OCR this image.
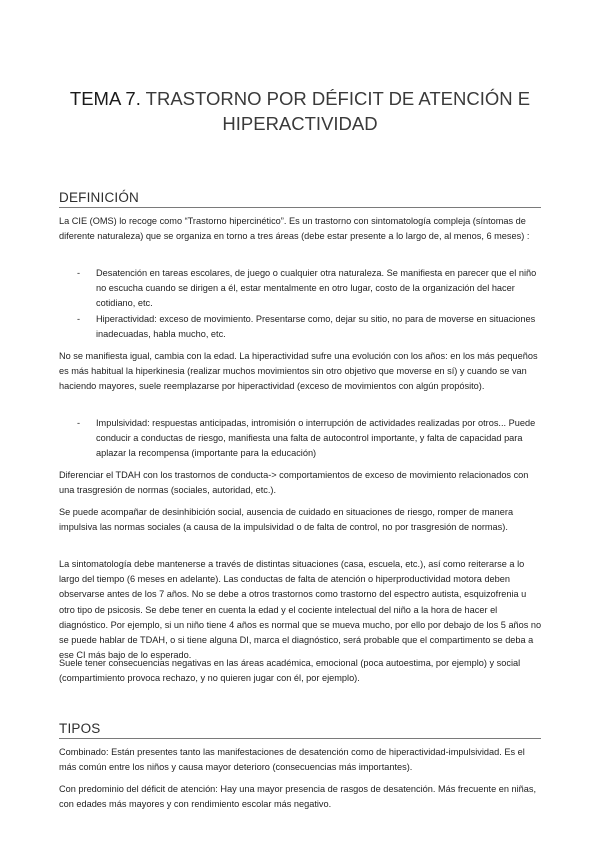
TEMA 7. TRASTORNO POR DÉFICIT DE ATENCIÓN E HIPERACTIVIDAD
DEFINICIÓN

La CIE (OMS) lo recoge como “Trastorno hipercinético”. Es un trastorno con sintomatología compleja (síntomas de diferente naturaleza) que se organiza en torno a tres áreas (debe estar presente a lo largo de, al menos, 6 meses) :

- Desatención en tareas escolares, de juego o cualquier otra naturaleza. Se manifiesta en parecer que el niño no escucha cuando se dirigen a él, estar mentalmente en otro lugar, costo de la organización del hacer cotidiano, etc.

- Hiperactividad: exceso de movimiento. Presentarse como, dejar su sitio, no para de moverse en situaciones inadecuadas, habla mucho, etc.

No se manifiesta igual, cambia con la edad. La hiperactividad sufre una evolución con los años: en los más pequeños es más habitual la hiperkinesia (realizar muchos movimientos sin otro objetivo que moverse en sí) y cuando se van haciendo mayores, suele reemplazarse por hiperactividad (exceso de movimientos con algún propósito).

- Impulsividad: respuestas anticipadas, intromisión o interrupción de actividades realizadas por otros... Puede conducir a conductas de riesgo, manifiesta una falta de autocontrol importante, y falta de capacidad para aplazar la recompensa (importante para la educación)

Diferenciar el TDAH con los trastornos de conducta-> comportamientos de exceso de movimiento relacionados con una trasgresión de normas (sociales, autoridad, etc.).

Se puede acompañar de desinhibición social, ausencia de cuidado en situaciones de riesgo, romper de manera impulsiva las normas sociales (a causa de la impulsividad o de falta de control, no por trasgresión de normas).

La sintomatología debe mantenerse a través de distintas situaciones (casa, escuela, etc.), así como reiterarse a lo largo del tiempo (6 meses en adelante). Las conductas de falta de atención o hiperproductividad motora deben observarse antes de los 7 años. No se debe a otros trastornos como trastorno del espectro autista, esquizofrenia u otro tipo de psicosis. Se debe tener en cuenta la edad y el cociente intelectual del niño a la hora de hacer el diagnóstico. Por ejemplo, si un niño tiene 4 años es normal que se mueva mucho, por ello por debajo de los 5 años no se puede hablar de TDAH, o si tiene alguna DI, marca el diagnóstico, será probable que el compartimento se deba a ese CI más bajo de lo esperado.

Suele tener consecuencias negativas en las áreas académica, emocional (poca autoestima, por ejemplo) y social (compartimiento provoca rechazo, y no quieren jugar con él, por ejemplo).

TIPOS

Combinado: Están presentes tanto las manifestaciones de desatención como de hiperactividad-impulsividad. Es el más común entre los niños y causa mayor deterioro (consecuencias más importantes).

Con predominio del déficit de atención: Hay una mayor presencia de rasgos de desatención. Más frecuente en niñas, con edades más mayores y con rendimiento escolar más negativo.
